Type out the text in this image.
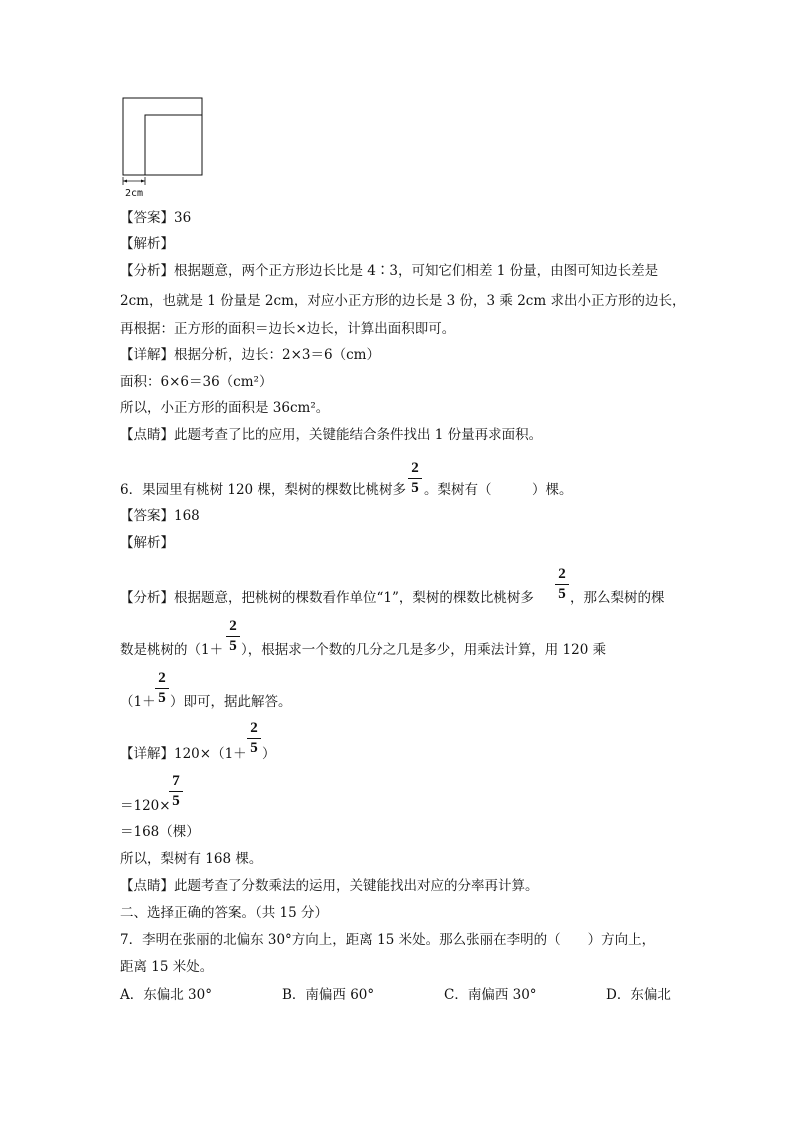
2cm
【答案】36
【解析】
【分析】根据题意，两个正方形边长比是 4∶3，可知它们相差 1 份量，由图可知边长差是
2cm，也就是 1 份量是 2cm，对应小正方形的边长是 3 份，3 乘 2cm 求出小正方形的边长，
再根据：正方形的面积＝边长×边长，计算出面积即可。
【详解】根据分析，边长：2×3＝6（cm）
面积：6×6＝36（cm²）
所以，小正方形的面积是 36cm²。
【点睛】此题考查了比的应用，关键能结合条件找出 1 份量再求面积。
6．果园里有桃树 120 棵，梨树的棵数比桃树多
2
5 。梨树有（　　　）棵。
【答案】168
【解析】
【分析】根据题意，把桃树的棵数看作单位“1”，梨树的棵数比桃树多
2
5 ，那么梨树的棵
数是桃树的（1＋
2
5 ），根据求一个数的几分之几是多少，用乘法计算，用 120 乘
（1＋
2
5 ）即可，据此解答。
【详解】120×（1＋
2
5 ）
＝120×
7
5
＝168（棵）
所以，梨树有 168 棵。
【点睛】此题考查了分数乘法的运用，关键能找出对应的分率再计算。
二、选择正确的答案。（共 15 分）
7．李明在张丽的北偏东 30°方向上，距离 15 米处。那么张丽在李明的（　　）方向上，
距离 15 米处。
A．东偏北 30°	B．南偏西 60°	C．南偏西 30°	D．东偏北
